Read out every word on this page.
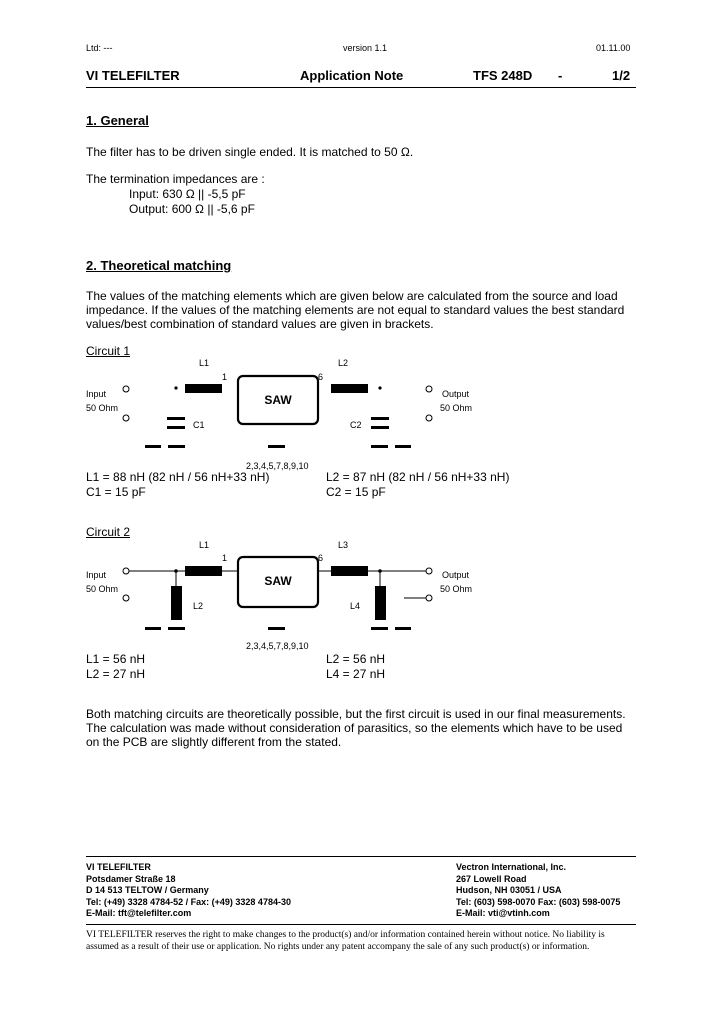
Ltd: ---	version 1.1	01.11.00
VI TELEFILTER	Application Note	TFS 248D -	1/2
1. General
The filter has to be driven single ended. It is matched to 50 Ω.
The termination impedances are :
Input: 630 Ω || -5,5 pF
Output: 600 Ω || -5,6 pF
2. Theoretical matching
The values of the matching elements which are given below are calculated from the source and load impedance. If the values of the matching elements are not equal to standard values the best standard values/best combination of standard values are given in brackets.
Circuit 1
L1	L2
1	6
Input
50 Ohm
Output
50 Ohm
C1	C2
SAW
2,3,4,5,7,8,9,10
L1 = 88 nH (82 nH / 56 nH+33 nH)	L2 = 87 nH (82 nH / 56 nH+33 nH)
C1 = 15 pF	C2 = 15 pF
Circuit 2
L1	L3
1	6
Input
50 Ohm
Output
50 Ohm
L2	L4
SAW
2,3,4,5,7,8,9,10
L1 = 56 nH	L2 = 56 nH
L2 = 27 nH	L4 = 27 nH
Both matching circuits are theoretically possible, but the first circuit is used in our final measurements. The calculation was made without consideration of parasitics, so the elements which have to be used on the PCB are slightly different from the stated.
VI TELEFILTER
Potsdamer Straße 18
D 14 513 TELTOW / Germany
Tel: (+49) 3328 4784-52 / Fax: (+49) 3328 4784-30
E-Mail: tft@telefilter.com
Vectron International, Inc.
267 Lowell Road
Hudson, NH 03051 / USA
Tel: (603) 598-0070 Fax: (603) 598-0075
E-Mail: vti@vtinh.com
VI TELEFILTER reserves the right to make changes to the product(s) and/or information contained herein without notice. No liability is assumed as a result of their use or application. No rights under any patent accompany the sale of any such product(s) or information.
